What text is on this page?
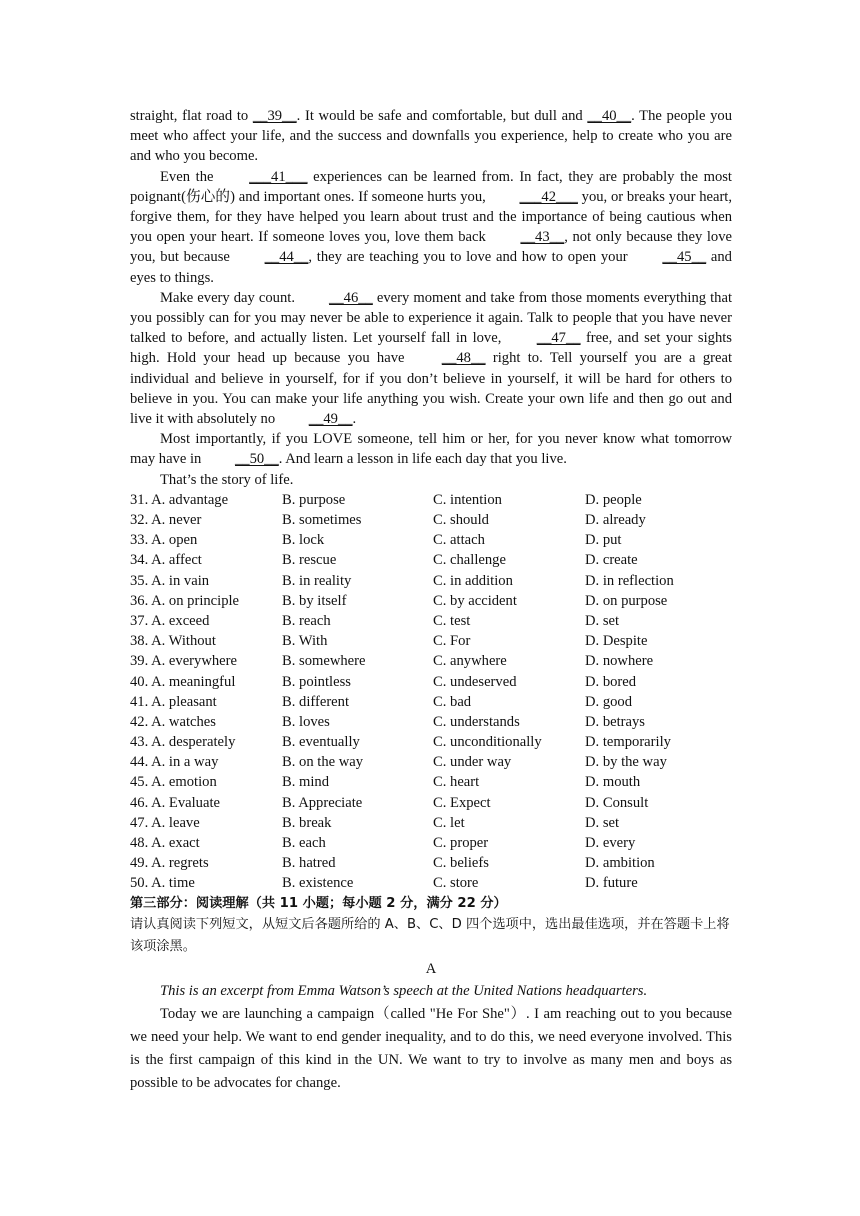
straight, flat road to __39__. It would be safe and comfortable, but dull and __40__. The people you meet who affect your life, and the success and downfalls you experience, help to create who you are and who you become.

Even the ___41___ experiences can be learned from. In fact, they are probably the most poignant(伤心的) and important ones. If someone hurts you, ___42___ you, or breaks your heart, forgive them, for they have helped you learn about trust and the importance of being cautious when you open your heart. If someone loves you, love them back __43__, not only because they love you, but because __44__, they are teaching you to love and how to open your __45__ and eyes to things.

Make every day count. __46__ every moment and take from those moments everything that you possibly can for you may never be able to experience it again. Talk to people that you have never talked to before, and actually listen. Let yourself fall in love, __47__ free, and set your sights high. Hold your head up because you have __48__ right to. Tell yourself you are a great individual and believe in yourself, for if you don’t believe in yourself, it will be hard for others to believe in you. You can make your life anything you wish. Create your own life and then go out and live it with absolutely no __49__.

Most importantly, if you LOVE someone, tell him or her, for you never know what tomorrow may have in __50__. And learn a lesson in life each day that you live.

That’s the story of life.

31. A. advantage	B. purpose	C. intention	D. people
32. A. never	B. sometimes	C. should	D. already
33. A. open	B. lock	C. attach	D. put
34. A. affect	B. rescue	C. challenge	D. create
35. A. in vain	B. in reality	C. in addition	D. in reflection
36. A. on principle	B. by itself	C. by accident	D. on purpose
37. A. exceed	B. reach	C. test	D. set
38. A. Without	B. With	C. For	D. Despite
39. A. everywhere	B. somewhere	C. anywhere	D. nowhere
40. A. meaningful	B. pointless	C. undeserved	D. bored
41. A. pleasant	B. different	C. bad	D. good
42. A. watches	B. loves	C. understands	D. betrays
43. A. desperately	B. eventually	C. unconditionally	D. temporarily
44. A. in a way	B. on the way	C. under way	D. by the way
45. A. emotion	B. mind	C. heart	D. mouth
46. A. Evaluate	B. Appreciate	C. Expect	D. Consult
47. A. leave	B. break	C. let	D. set
48. A. exact	B. each	C. proper	D. every
49. A. regrets	B. hatred	C. beliefs	D. ambition
50. A. time	B. existence	C. store	D. future

第三部分：阅读理解（共 11 小题；每小题 2 分，满分 22 分）

请认真阅读下列短文，从短文后各题所给的 A、B、C、D 四个选项中，选出最佳选项，并在答题卡上将该项涂黑。

A

This is an excerpt from Emma Watson’s speech at the United Nations headquarters.

Today we are launching a campaign（called "He For She"）. I am reaching out to you because we need your help. We want to end gender inequality, and to do this, we need everyone involved. This is the first campaign of this kind in the UN. We want to try to involve as many men and boys as possible to be advocates for change.
